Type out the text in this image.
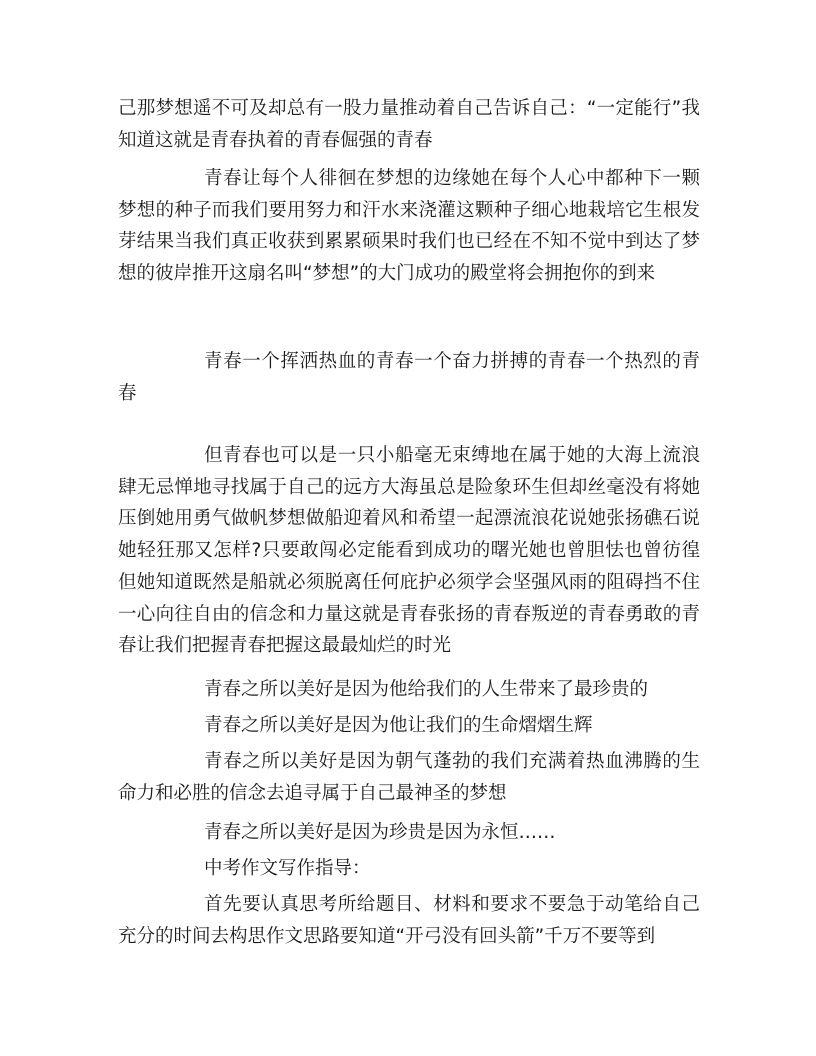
己那梦想遥不可及却总有一股力量推动着自己告诉自己：“一定能行”我知道这就是青春执着的青春倔强的青春

青春让每个人徘徊在梦想的边缘她在每个人心中都种下一颗梦想的种子而我们要用努力和汗水来浇灌这颗种子细心地栽培它生根发芽结果当我们真正收获到累累硕果时我们也已经在不知不觉中到达了梦想的彼岸推开这扇名叫“梦想”的大门成功的殿堂将会拥抱你的到来

青春一个挥洒热血的青春一个奋力拼搏的青春一个热烈的青春

但青春也可以是一只小船毫无束缚地在属于她的大海上流浪肆无忌惮地寻找属于自己的远方大海虽总是险象环生但却丝毫没有将她压倒她用勇气做帆梦想做船迎着风和希望一起漂流浪花说她张扬礁石说她轻狂那又怎样?只要敢闯必定能看到成功的曙光她也曾胆怯也曾彷徨但她知道既然是船就必须脱离任何庇护必须学会坚强风雨的阻碍挡不住一心向往自由的信念和力量这就是青春张扬的青春叛逆的青春勇敢的青春让我们把握青春把握这最最灿烂的时光

青春之所以美好是因为他给我们的人生带来了最珍贵的

青春之所以美好是因为他让我们的生命熠熠生辉

青春之所以美好是因为朝气蓬勃的我们充满着热血沸腾的生命力和必胜的信念去追寻属于自己最神圣的梦想

青春之所以美好是因为珍贵是因为永恒……

中考作文写作指导：

首先要认真思考所给题目、材料和要求不要急于动笔给自己充分的时间去构思作文思路要知道“开弓没有回头箭”千万不要等到
